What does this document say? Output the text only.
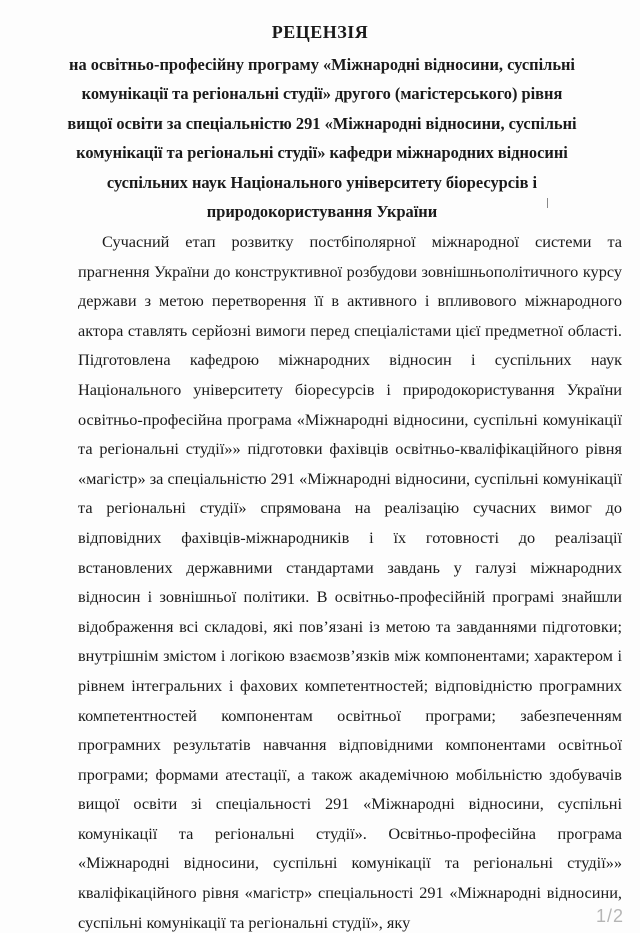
РЕЦЕНЗІЯ

на освітньо-професійну програму «Міжнародні відносини, суспільні комунікації та регіональні студії» другого (магістерського) рівня вищої освіти за спеціальністю 291 «Міжнародні відносини, суспільні комунікації та регіональні студії» кафедри міжнародних відносині суспільних наук Національного університету біоресурсів і природокористування України

Сучасний етап розвитку постбіполярної міжнародної системи та прагнення України до конструктивної розбудови зовнішньополітичного курсу держави з метою перетворення її в активного і впливового міжнародного актора ставлять серйозні вимоги перед спеціалістами цієї предметної області. Підготовлена кафедрою міжнародних відносин і суспільних наук Національного університету біоресурсів і природокористування України освітньо-професійна програма «Міжнародні відносини, суспільні комунікації та регіональні студії»» підготовки фахівців освітньо-кваліфікаційного рівня «магістр» за спеціальністю 291 «Міжнародні відносини, суспільні комунікації та регіональні студії» спрямована на реалізацію сучасних вимог до відповідних фахівців-міжнародників і їх готовності до реалізації встановлених державними стандартами завдань у галузі міжнародних відносин і зовнішньої політики. В освітньо-професійній програмі знайшли відображення всі складові, які пов’язані із метою та завданнями підготовки; внутрішнім змістом і логікою взаємозв’язків між компонентами; характером і рівнем інтегральних і фахових компетентностей; відповідністю програмних компетентностей компонентам освітньої програми; забезпеченням програмних результатів навчання відповідними компонентами освітньої програми; формами атестації, а також академічною мобільністю здобувачів вищої освіти зі спеціальності 291 «Міжнародні відносини, суспільні комунікації та регіональні студії». Освітньо-професійна програма «Міжнародні відносини, суспільні комунікації та регіональні студії»» кваліфікаційного рівня «магістр» спеціальності 291 «Міжнародні відносини, суспільні комунікації та регіональні студії», яку	1/2
